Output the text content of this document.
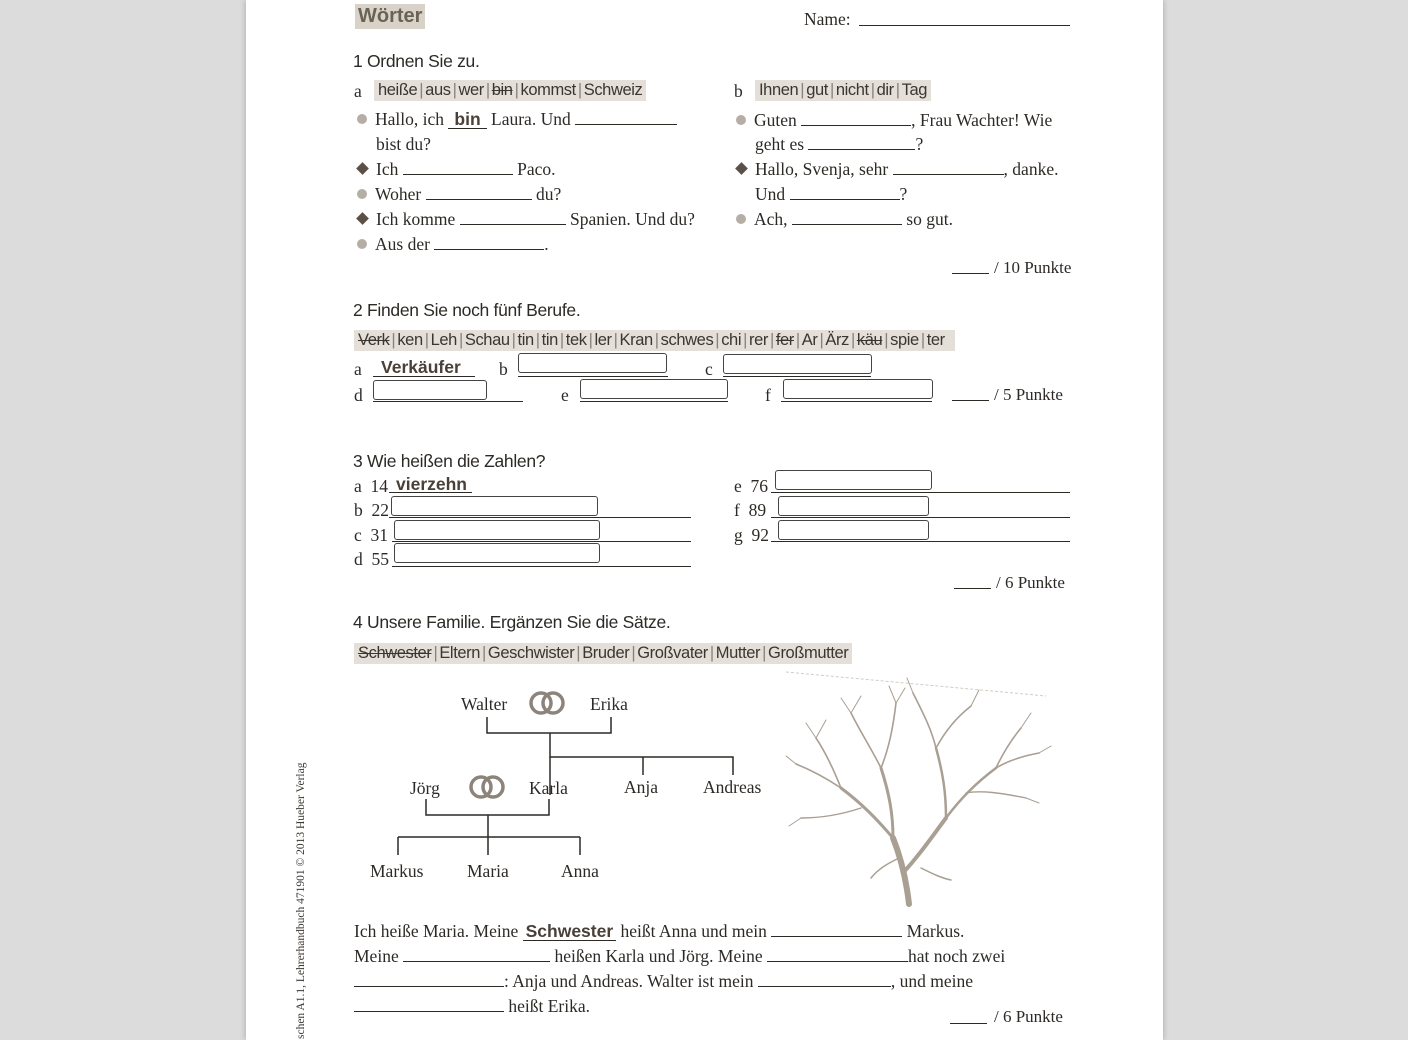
Wörter	Name:
1 Ordnen Sie zu.
a heiße | aus | wer | bin | kommst | Schweiz	b Ihnen | gut | nicht | dir | Tag
Hallo, ich bin Laura. Und
bist du?
Ich	Paco.
Woher	du?
Ich komme	Spanien. Und du?
Aus der	.
Guten	, Frau Wachter! Wie
geht es	?
Hallo, Svenja, sehr	, danke.
Und	?
Ach,	so gut.
/ 10 Punkte
2 Finden Sie noch fünf Berufe.
Verk | ken | Leh | Schau | tin | tin | tek | ler | Kran | schwes | chi | rer | fer | Ar | Ärz | käu | spie | ter
a Verkäufer b	c
d	e	f	/ 5 Punkte
3 Wie heißen die Zahlen?
a 14 vierzehn
b 22
c 31
d 55
e 76
f 89
g 92
/ 6 Punkte
4 Unsere Familie. Ergänzen Sie die Sätze.
Schwester | Eltern | Geschwister | Bruder | Großvater | Mutter | Großmutter
Walter	Erika
Jörg	Karla	Anja	Andreas
Markus Maria	Anna
Ich heiße Maria. Meine Schwester heißt Anna und mein	Markus.
Meine	heißen Karla und Jörg. Meine	hat noch zwei
: Anja und Andreas. Walter ist mein	, und meine
heißt Erika.
/ 6 Punkte
schen A1.1, Lehrerhandbuch 471901 © 2013 Hueber Verlag
